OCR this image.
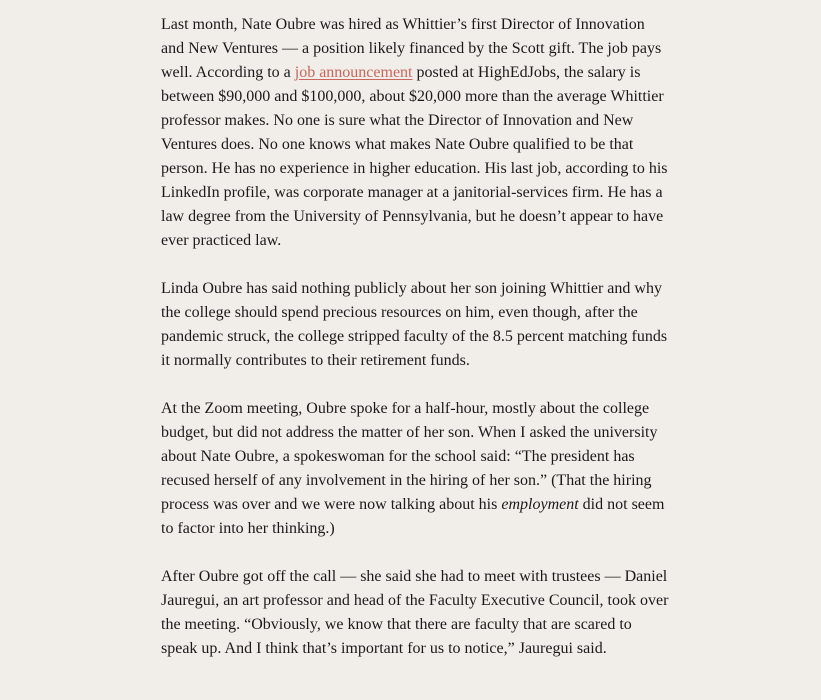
Last month, Nate Oubre was hired as Whittier’s first Director of Innovation and New Ventures — a position likely financed by the Scott gift. The job pays well. According to a job announcement posted at HighEdJobs, the salary is between $90,000 and $100,000, about $20,000 more than the average Whittier professor makes. No one is sure what the Director of Innovation and New Ventures does. No one knows what makes Nate Oubre qualified to be that person. He has no experience in higher education. His last job, according to his LinkedIn profile, was corporate manager at a janitorial-services firm. He has a law degree from the University of Pennsylvania, but he doesn’t appear to have ever practiced law.

Linda Oubre has said nothing publicly about her son joining Whittier and why the college should spend precious resources on him, even though, after the pandemic struck, the college stripped faculty of the 8.5 percent matching funds it normally contributes to their retirement funds.

At the Zoom meeting, Oubre spoke for a half-hour, mostly about the college budget, but did not address the matter of her son. When I asked the university about Nate Oubre, a spokeswoman for the school said: “The president has recused herself of any involvement in the hiring of her son.” (That the hiring process was over and we were now talking about his employment did not seem to factor into her thinking.)

After Oubre got off the call — she said she had to meet with trustees — Daniel Jauregui, an art professor and head of the Faculty Executive Council, took over the meeting. “Obviously, we know that there are faculty that are scared to speak up. And I think that’s important for us to notice,” Jauregui said.
